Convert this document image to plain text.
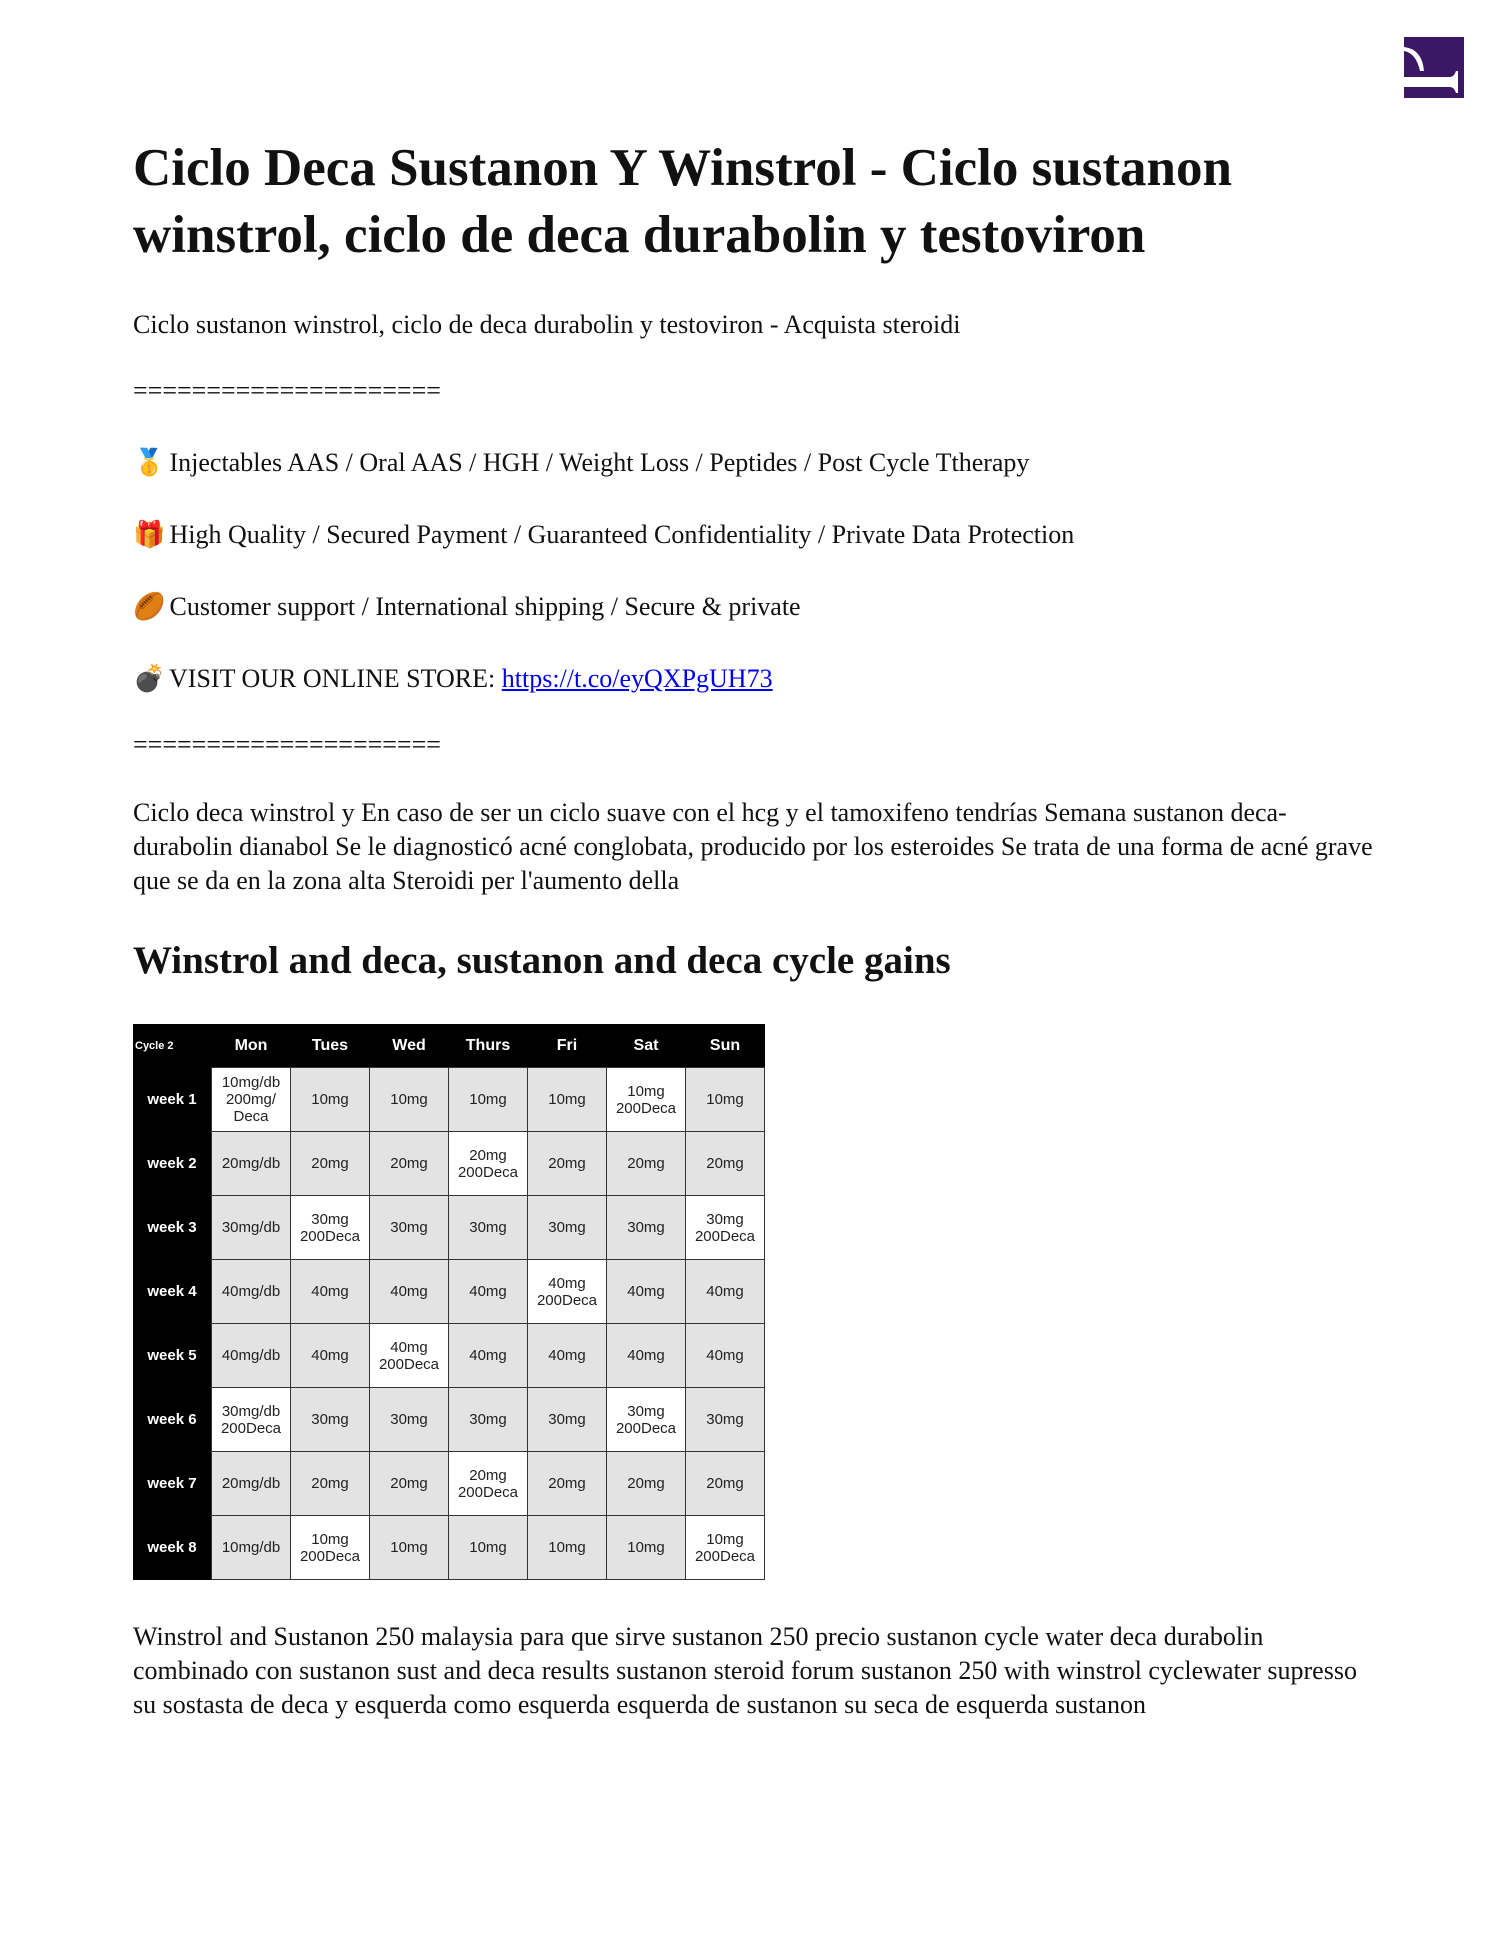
Ciclo Deca Sustanon Y Winstrol - Ciclo sustanon winstrol, ciclo de deca durabolin y testoviron

Ciclo sustanon winstrol, ciclo de deca durabolin y testoviron - Acquista steroidi

=====================
🥇 Injectables AAS / Oral AAS / HGH / Weight Loss / Peptides / Post Cycle Ttherapy
🎁 High Quality / Secured Payment / Guaranteed Confidentiality / Private Data Protection
🏉 Customer support / International shipping / Secure & private
💣 VISIT OUR ONLINE STORE: https://t.co/eyQXPgUH73
=====================

Ciclo deca winstrol y En caso de ser un ciclo suave con el hcg y el tamoxifeno tendrías Semana sustanon deca-durabolin dianabol Se le diagnosticó acné conglobata, producido por los esteroides Se trata de una forma de acné grave que se da en la zona alta Steroidi per l'aumento della

Winstrol and deca, sustanon and deca cycle gains
Cycle 2	Mon	Tues	Wed	Thurs	Fri	Sat	Sun
week 1	10mg/db 200mg/ Deca	10mg	10mg	10mg	10mg	10mg 200Deca	10mg
week 2	20mg/db	20mg	20mg	20mg 200Deca	20mg	20mg	20mg
week 3	30mg/db	30mg 200Deca	30mg	30mg	30mg	30mg	30mg 200Deca
week 4	40mg/db	40mg	40mg	40mg	40mg 200Deca	40mg	40mg
week 5	40mg/db	40mg	40mg 200Deca	40mg	40mg	40mg	40mg
week 6	30mg/db 200Deca	30mg	30mg	30mg	30mg	30mg 200Deca	30mg
week 7	20mg/db	20mg	20mg	20mg 200Deca	20mg	20mg	20mg
week 8	10mg/db	10mg 200Deca	10mg	10mg	10mg	10mg	10mg 200Deca

Winstrol and Sustanon 250 malaysia para que sirve sustanon 250 precio sustanon cycle water deca durabolin combinado con sustanon sust and deca results sustanon steroid forum sustanon 250 with winstrol cyclewater supresso su sostasta de deca y esquerda como esquerda esquerda de sustanon su seca de esquerda sustanon
